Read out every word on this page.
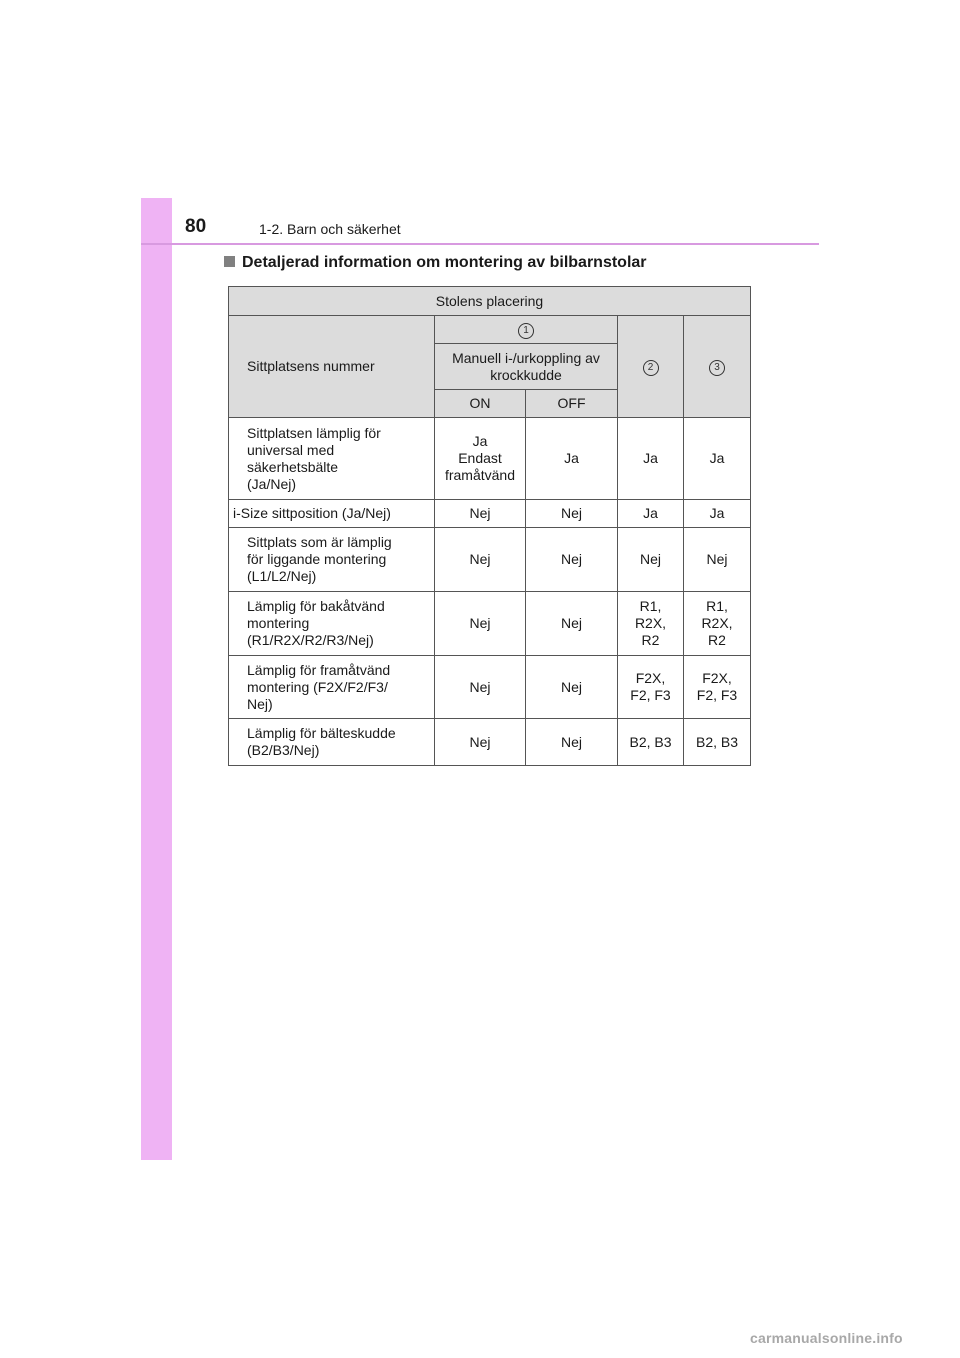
80	1-2. Barn och säkerhet
Detaljerad information om montering av bilbarnstolar
Stolens placering				
Sittplatsens nummer	1		2	3
	Manuell i-/urkoppling av krockkudde			
	ON	OFF		
Sittplatsen lämplig för
universal med
säkerhetsbälte
(Ja/Nej)	Ja
Endast
framåtvänd	Ja	Ja	Ja
i-Size sittposition (Ja/Nej)	Nej	Nej	Ja	Ja
Sittplats som är lämplig
för liggande montering
(L1/L2/Nej)	Nej	Nej	Nej	Nej
Lämplig för bakåtvänd
montering
(R1/R2X/R2/R3/Nej)	Nej	Nej	R1,
R2X,
R2	R1,
R2X,
R2
Lämplig för framåtvänd
montering (F2X/F2/F3/
Nej)	Nej	Nej	F2X,
F2, F3	F2X,
F2, F3
Lämplig för bälteskudde
(B2/B3/Nej)	Nej	Nej	B2, B3	B2, B3
carmanualsonline.info
